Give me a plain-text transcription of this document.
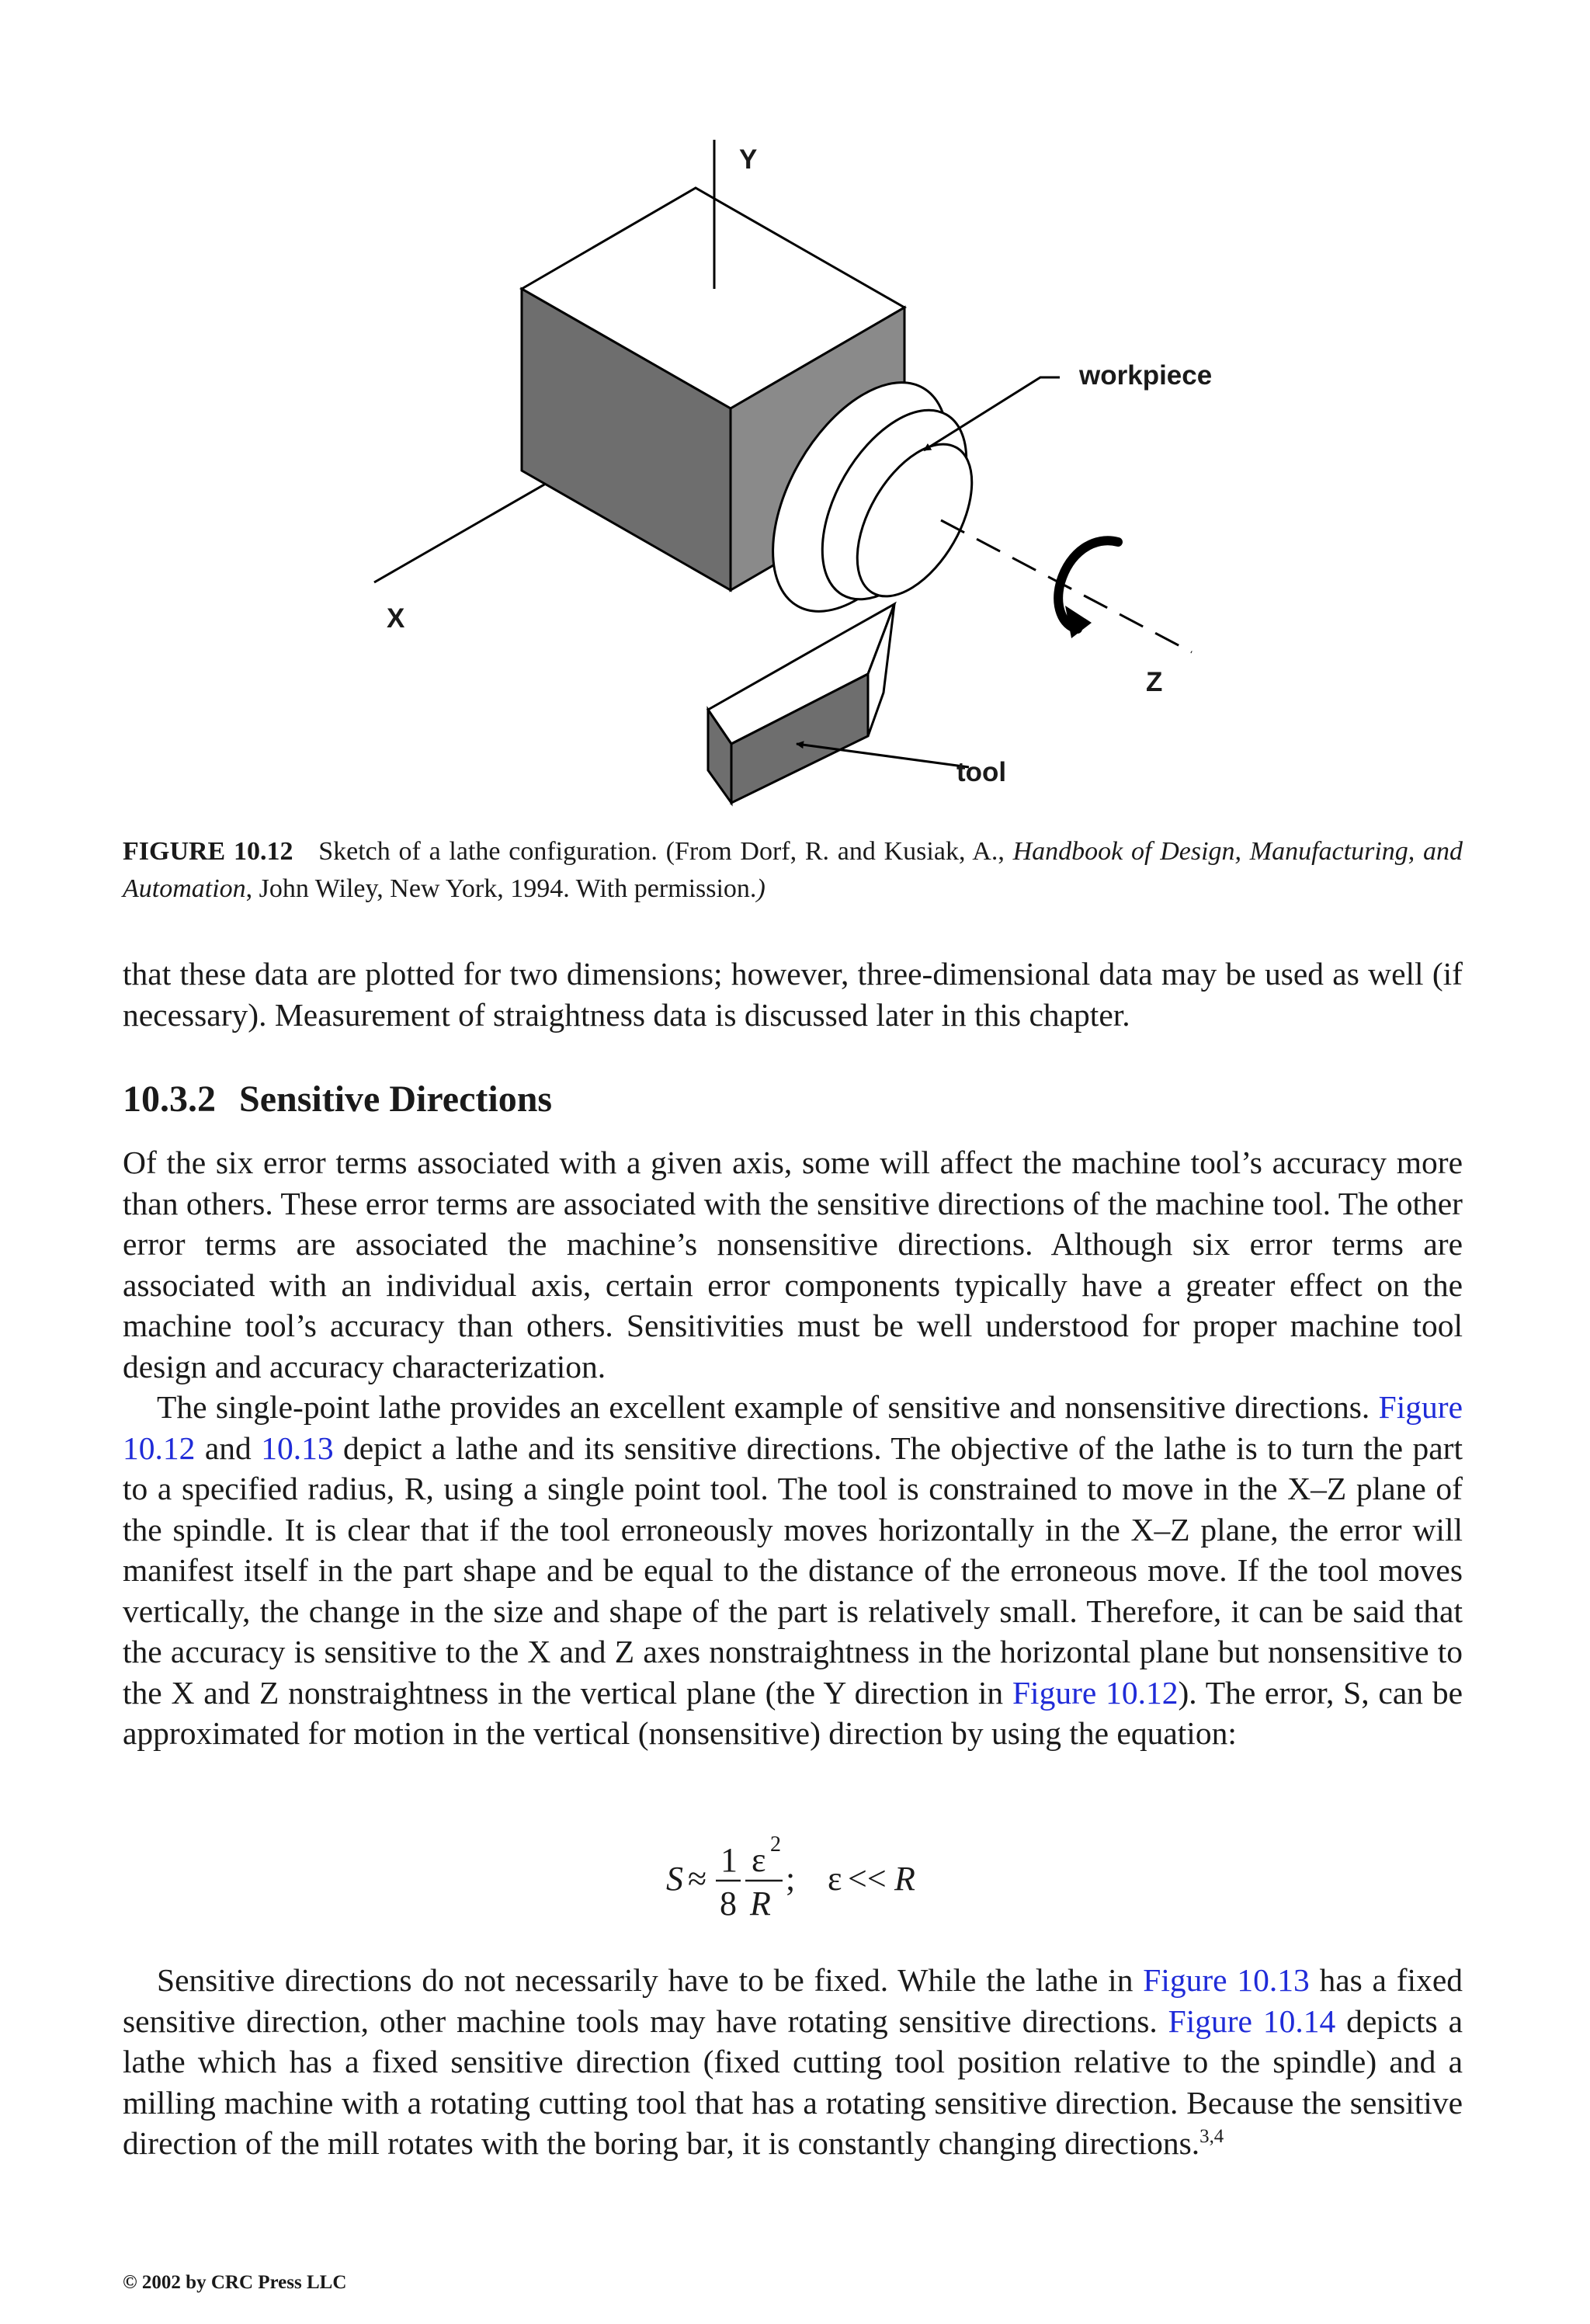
Y
X
Z
workpiece
tool

FIGURE 10.12 Sketch of a lathe configuration. (From Dorf, R. and Kusiak, A., Handbook of Design, Manufacturing, and Automation, John Wiley, New York, 1994. With permission.)

that these data are plotted for two dimensions; however, three-dimensional data may be used as well (if necessary). Measurement of straightness data is discussed later in this chapter.

10.3.2 Sensitive Directions

Of the six error terms associated with a given axis, some will affect the machine tool’s accuracy more than others. These error terms are associated with the sensitive directions of the machine tool. The other error terms are associated the machine’s nonsensitive directions. Although six error terms are associated with an individual axis, certain error components typically have a greater effect on the machine tool’s accuracy than others. Sensitivities must be well understood for proper machine tool design and accuracy characterization.

The single-point lathe provides an excellent example of sensitive and nonsensitive directions. Figure 10.12 and 10.13 depict a lathe and its sensitive directions. The objective of the lathe is to turn the part to a specified radius, R, using a single point tool. The tool is constrained to move in the X–Z plane of the spindle. It is clear that if the tool erroneously moves horizontally in the X–Z plane, the error will manifest itself in the part shape and be equal to the distance of the erroneous move. If the tool moves vertically, the change in the size and shape of the part is relatively small. Therefore, it can be said that the accuracy is sensitive to the X and Z axes nonstraightness in the horizontal plane but nonsensitive to the X and Z nonstraightness in the vertical plane (the Y direction in Figure 10.12). The error, S, can be approximated for motion in the vertical (nonsensitive) direction by using the equation:

S ≈ 1
8
ε 2
R
; ε << R

Sensitive directions do not necessarily have to be fixed. While the lathe in Figure 10.13 has a fixed sensitive direction, other machine tools may have rotating sensitive directions. Figure 10.14 depicts a lathe which has a fixed sensitive direction (fixed cutting tool position relative to the spindle) and a milling machine with a rotating cutting tool that has a rotating sensitive direction. Because the sensitive direction of the mill rotates with the boring bar, it is constantly changing directions.$^{3,4}$

© 2002 by CRC Press LLC
